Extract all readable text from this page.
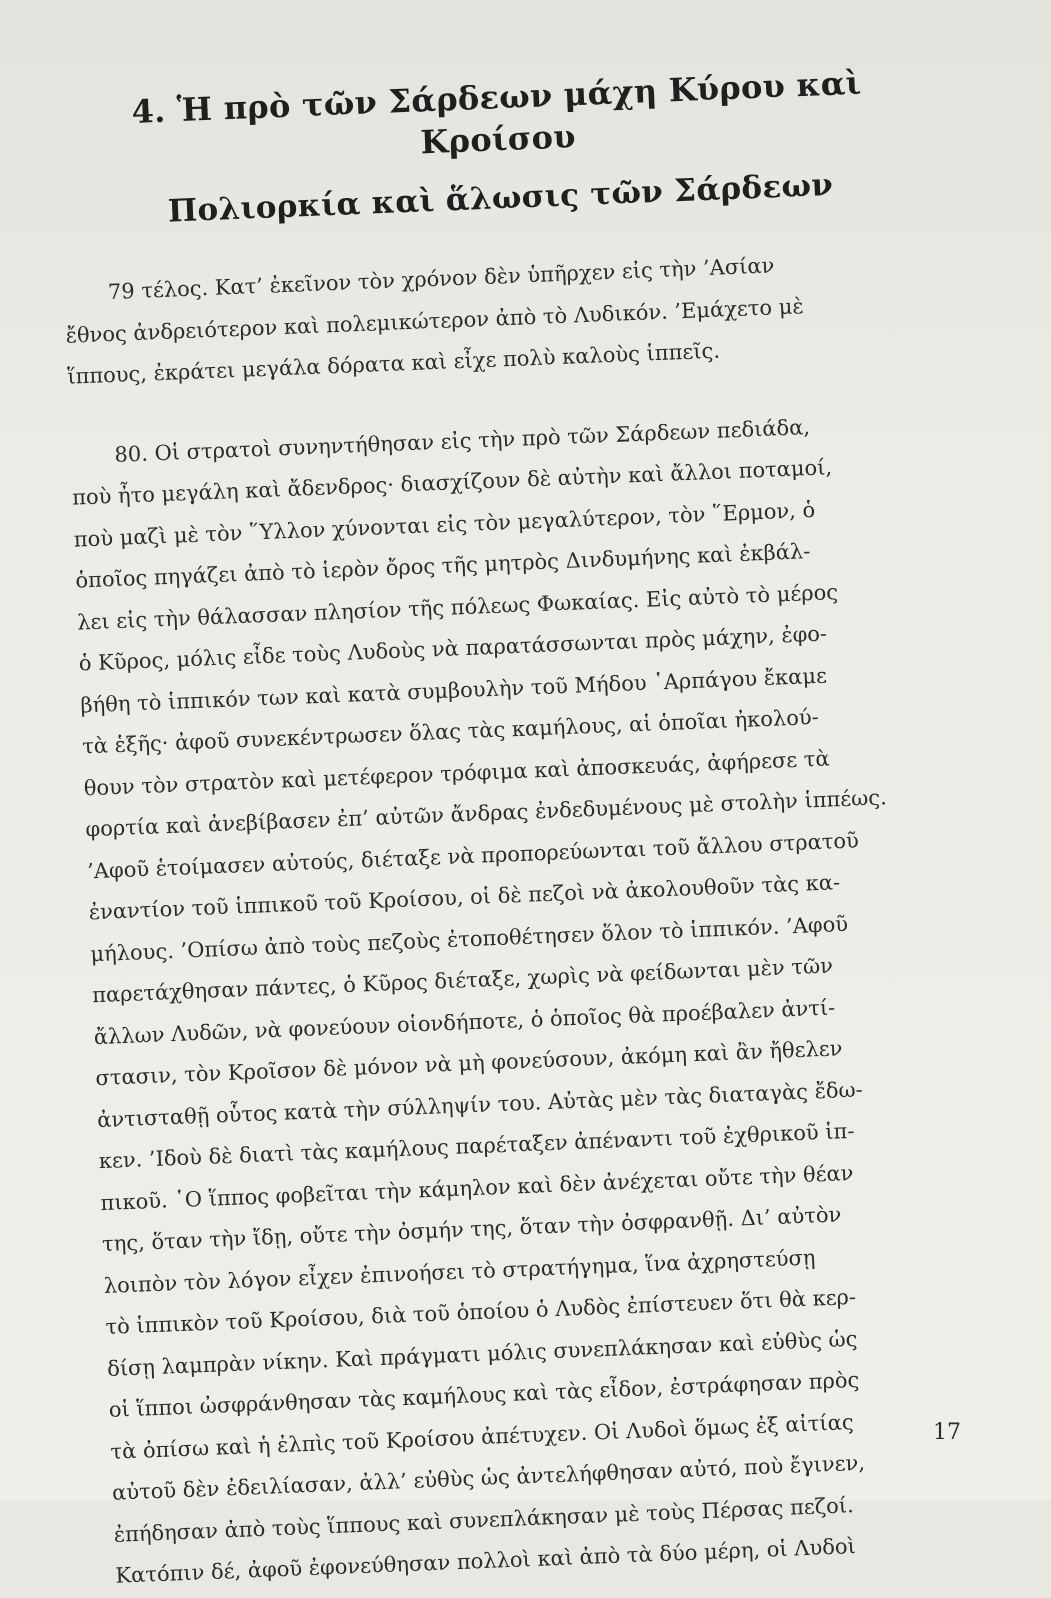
4. Ἡ πρὸ τῶν Σάρδεων μάχη Κύρου καὶ Κροίσου
Πολιορκία καὶ ἅλωσις τῶν Σάρδεων

79 τέλος. Κατ’ ἐκεῖνον τὸν χρόνον δὲν ὑπῆρχεν εἰς τὴν ’Ασίαν
ἔθνος ἀνδρειότερον καὶ πολεμικώτερον ἀπὸ τὸ Λυδικόν. ’Εμάχετο μὲ
ἵππους, ἐκράτει μεγάλα δόρατα καὶ εἶχε πολὺ καλοὺς ἱππεῖς.

80. Οἱ στρατοὶ συνηντήθησαν εἰς τὴν πρὸ τῶν Σάρδεων πεδιάδα,
ποὺ ἦτο μεγάλη καὶ ἄδενδρος· διασχίζουν δὲ αὐτὴν καὶ ἄλλοι ποταμοί,
ποὺ μαζὶ μὲ τὸν ῞Υλλον χύνονται εἰς τὸν μεγαλύτερον, τὸν ῞Ερμον, ὁ
ὁποῖος πηγάζει ἀπὸ τὸ ἱερὸν ὄρος τῆς μητρὸς Δινδυμήνης καὶ ἐκβάλ-
λει εἰς τὴν θάλασσαν πλησίον τῆς πόλεως Φωκαίας. Εἰς αὐτὸ τὸ μέρος
ὁ Κῦρος, μόλις εἶδε τοὺς Λυδοὺς νὰ παρατάσσωνται πρὸς μάχην, ἐφο-
βήθη τὸ ἱππικόν των καὶ κατὰ συμβουλὴν τοῦ Μήδου ῾Αρπάγου ἔκαμε
τὰ ἑξῆς· ἀφοῦ συνεκέντρωσεν ὅλας τὰς καμήλους, αἱ ὁποῖαι ἠκολού-
θουν τὸν στρατὸν καὶ μετέφερον τρόφιμα καὶ ἀποσκευάς, ἀφήρεσε τὰ
φορτία καὶ ἀνεβίβασεν ἐπ’ αὐτῶν ἄνδρας ἐνδεδυμένους μὲ στολὴν ἱππέως.
’Αφοῦ ἑτοίμασεν αὐτούς, διέταξε νὰ προπορεύωνται τοῦ ἄλλου στρατοῦ
ἐναντίον τοῦ ἱππικοῦ τοῦ Κροίσου, οἱ δὲ πεζοὶ νὰ ἀκολουθοῦν τὰς κα-
μήλους. ’Οπίσω ἀπὸ τοὺς πεζοὺς ἐτοποθέτησεν ὅλον τὸ ἱππικόν. ’Αφοῦ
παρετάχθησαν πάντες, ὁ Κῦρος διέταξε, χωρὶς νὰ φείδωνται μὲν τῶν
ἄλλων Λυδῶν, νὰ φονεύουν οἱονδήποτε, ὁ ὁποῖος θὰ προέβαλεν ἀντί-
στασιν, τὸν Κροῖσον δὲ μόνον νὰ μὴ φονεύσουν, ἀκόμη καὶ ἂν ἤθελεν
ἀντισταθῇ οὗτος κατὰ τὴν σύλληψίν του. Αὐτὰς μὲν τὰς διαταγὰς ἔδω-
κεν. ’Ιδοὺ δὲ διατὶ τὰς καμήλους παρέταξεν ἀπέναντι τοῦ ἐχθρικοῦ ἱπ-
πικοῦ. ῾Ο ἵππος φοβεῖται τὴν κάμηλον καὶ δὲν ἀνέχεται οὔτε τὴν θέαν
της, ὅταν τὴν ἴδῃ, οὔτε τὴν ὀσμήν της, ὅταν τὴν ὀσφρανθῇ. Δι’ αὐτὸν
λοιπὸν τὸν λόγον εἶχεν ἐπινοήσει τὸ στρατήγημα, ἵνα ἀχρηστεύσῃ
τὸ ἱππικὸν τοῦ Κροίσου, διὰ τοῦ ὁποίου ὁ Λυδὸς ἐπίστευεν ὅτι θὰ κερ-
δίσῃ λαμπρὰν νίκην. Καὶ πράγματι μόλις συνεπλάκησαν καὶ εὐθὺς ὡς
οἱ ἵπποι ὠσφράνθησαν τὰς καμήλους καὶ τὰς εἶδον, ἐστράφησαν πρὸς
τὰ ὀπίσω καὶ ἡ ἐλπὶς τοῦ Κροίσου ἀπέτυχεν. Οἱ Λυδοὶ ὅμως ἐξ αἰτίας
αὐτοῦ δὲν ἐδειλίασαν, ἀλλ’ εὐθὺς ὡς ἀντελήφθησαν αὐτό, ποὺ ἔγινεν,
ἐπήδησαν ἀπὸ τοὺς ἵππους καὶ συνεπλάκησαν μὲ τοὺς Πέρσας πεζοί.
Κατόπιν δέ, ἀφοῦ ἐφονεύθησαν πολλοὶ καὶ ἀπὸ τὰ δύο μέρη, οἱ Λυδοὶ

17
